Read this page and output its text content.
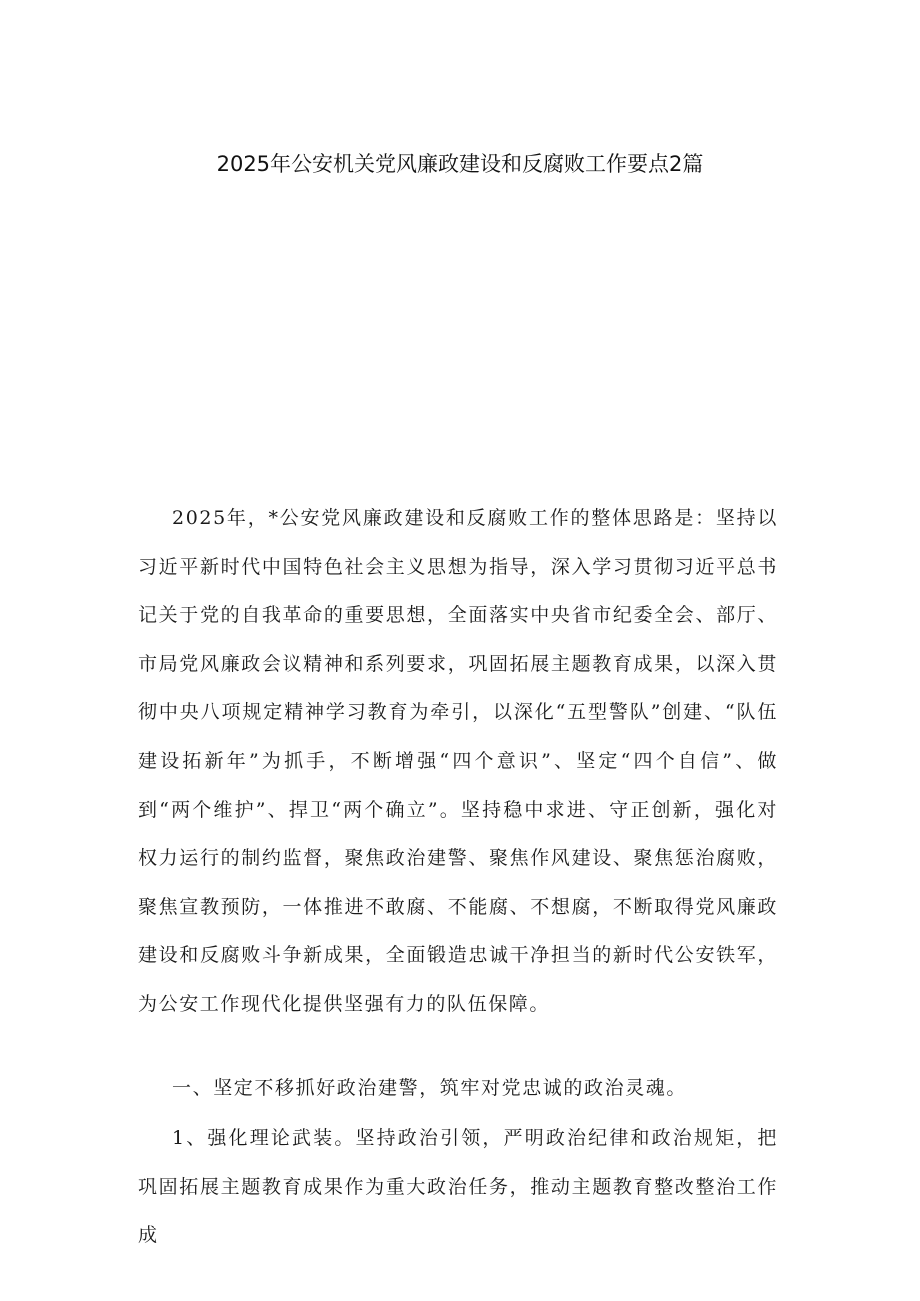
2025年公安机关党风廉政建设和反腐败工作要点2篇

2025年，*公安党风廉政建设和反腐败工作的整体思路是：坚持以习近平新时代中国特色社会主义思想为指导，深入学习贯彻习近平总书记关于党的自我革命的重要思想，全面落实中央省市纪委全会、部厅、市局党风廉政会议精神和系列要求，巩固拓展主题教育成果，以深入贯彻中央八项规定精神学习教育为牵引，以深化“五型警队”创建、“队伍建设拓新年”为抓手，不断增强“四个意识”、坚定“四个自信”、做到“两个维护”、捍卫“两个确立”。坚持稳中求进、守正创新，强化对权力运行的制约监督，聚焦政治建警、聚焦作风建设、聚焦惩治腐败，聚焦宣教预防，一体推进不敢腐、不能腐、不想腐，不断取得党风廉政建设和反腐败斗争新成果，全面锻造忠诚干净担当的新时代公安铁军，为公安工作现代化提供坚强有力的队伍保障。

一、坚定不移抓好政治建警，筑牢对党忠诚的政治灵魂。

1、强化理论武装。坚持政治引领，严明政治纪律和政治规矩，把巩固拓展主题教育成果作为重大政治任务，推动主题教育整改整治工作成
